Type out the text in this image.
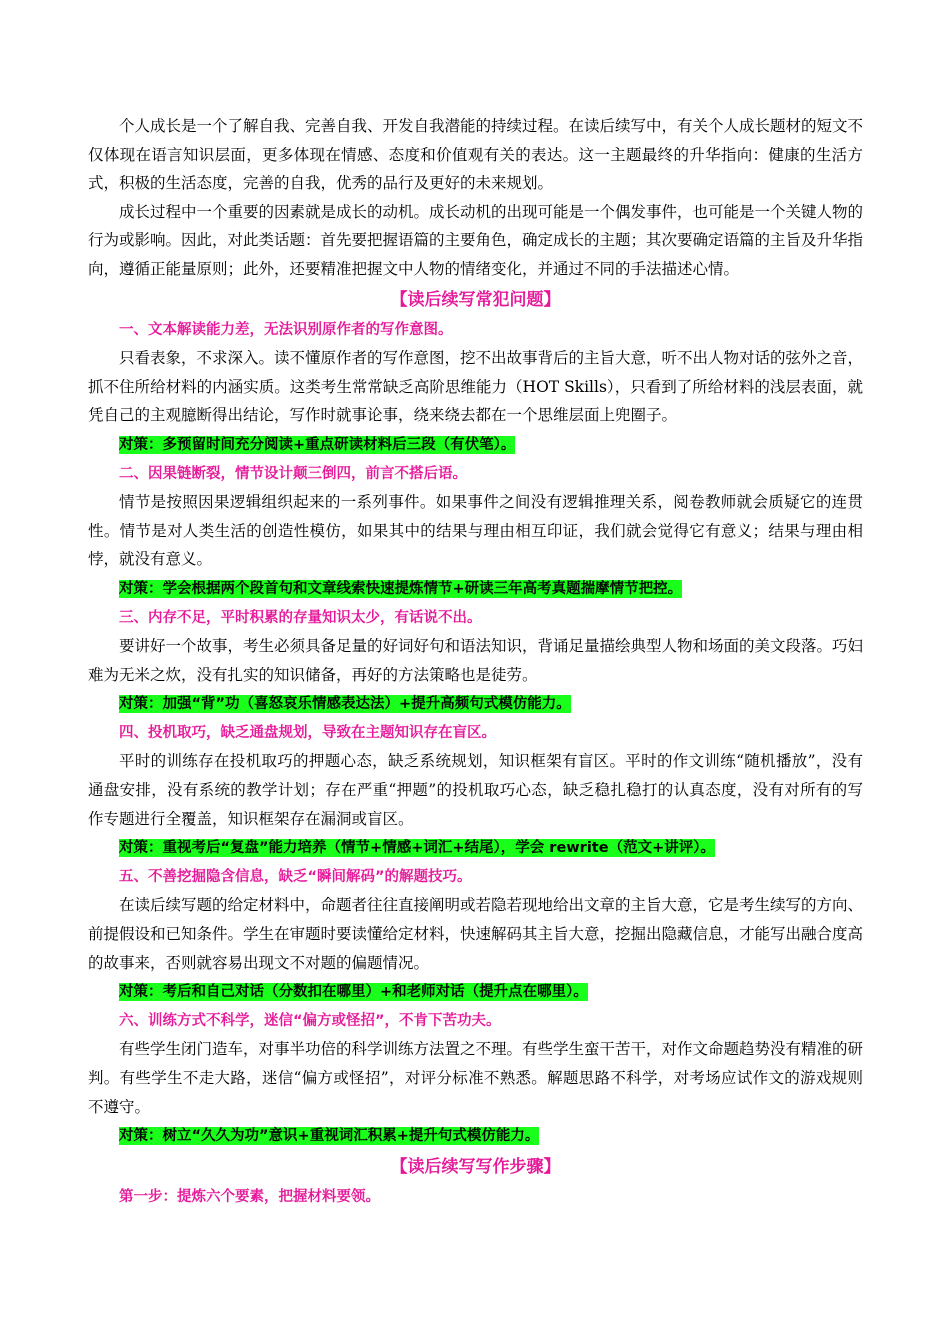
个人成长是一个了解自我、完善自我、开发自我潜能的持续过程。在读后续写中，有关个人成长题材的短文不仅体现在语言知识层面，更多体现在情感、态度和价值观有关的表达。这一主题最终的升华指向：健康的生活方式，积极的生活态度，完善的自我，优秀的品行及更好的未来规划。

成长过程中一个重要的因素就是成长的动机。成长动机的出现可能是一个偶发事件，也可能是一个关键人物的行为或影响。因此，对此类话题：首先要把握语篇的主要角色，确定成长的主题；其次要确定语篇的主旨及升华指向，遵循正能量原则；此外，还要精准把握文中人物的情绪变化，并通过不同的手法描述心情。

【读后续写常犯问题】

一、文本解读能力差，无法识别原作者的写作意图。

只看表象，不求深入。读不懂原作者的写作意图，挖不出故事背后的主旨大意，听不出人物对话的弦外之音，抓不住所给材料的内涵实质。这类考生常常缺乏高阶思维能力（HOT Skills），只看到了所给材料的浅层表面，就凭自己的主观臆断得出结论，写作时就事论事，绕来绕去都在一个思维层面上兜圈子。

对策：多预留时间充分阅读+重点研读材料后三段（有伏笔）。

二、因果链断裂，情节设计颠三倒四，前言不搭后语。

情节是按照因果逻辑组织起来的一系列事件。如果事件之间没有逻辑推理关系，阅卷教师就会质疑它的连贯性。情节是对人类生活的创造性模仿，如果其中的结果与理由相互印证，我们就会觉得它有意义；结果与理由相悖，就没有意义。

对策：学会根据两个段首句和文章线索快速提炼情节+研读三年高考真题揣摩情节把控。

三、内存不足，平时积累的存量知识太少，有话说不出。

要讲好一个故事，考生必须具备足量的好词好句和语法知识，背诵足量描绘典型人物和场面的美文段落。巧妇难为无米之炊，没有扎实的知识储备，再好的方法策略也是徒劳。

对策：加强“背”功（喜怒哀乐情感表达法）+提升高频句式模仿能力。

四、投机取巧，缺乏通盘规划，导致在主题知识存在盲区。

平时的训练存在投机取巧的押题心态，缺乏系统规划，知识框架有盲区。平时的作文训练“随机播放”，没有通盘安排，没有系统的教学计划；存在严重“押题”的投机取巧心态，缺乏稳扎稳打的认真态度，没有对所有的写作专题进行全覆盖，知识框架存在漏洞或盲区。

对策：重视考后“复盘”能力培养（情节+情感+词汇+结尾），学会 rewrite（范文+讲评）。

五、不善挖掘隐含信息，缺乏“瞬间解码”的解题技巧。

在读后续写题的给定材料中，命题者往往直接阐明或若隐若现地给出文章的主旨大意，它是考生续写的方向、前提假设和已知条件。学生在审题时要读懂给定材料，快速解码其主旨大意，挖掘出隐藏信息，才能写出融合度高的故事来，否则就容易出现文不对题的偏题情况。

对策：考后和自己对话（分数扣在哪里）+和老师对话（提升点在哪里）。

六、训练方式不科学，迷信“偏方或怪招”，不肯下苦功夫。

有些学生闭门造车，对事半功倍的科学训练方法置之不理。有些学生蛮干苦干，对作文命题趋势没有精准的研判。有些学生不走大路，迷信“偏方或怪招”，对评分标准不熟悉。解题思路不科学，对考场应试作文的游戏规则不遵守。

对策：树立“久久为功”意识+重视词汇积累+提升句式模仿能力。

【读后续写写作步骤】

第一步：提炼六个要素，把握材料要领。
